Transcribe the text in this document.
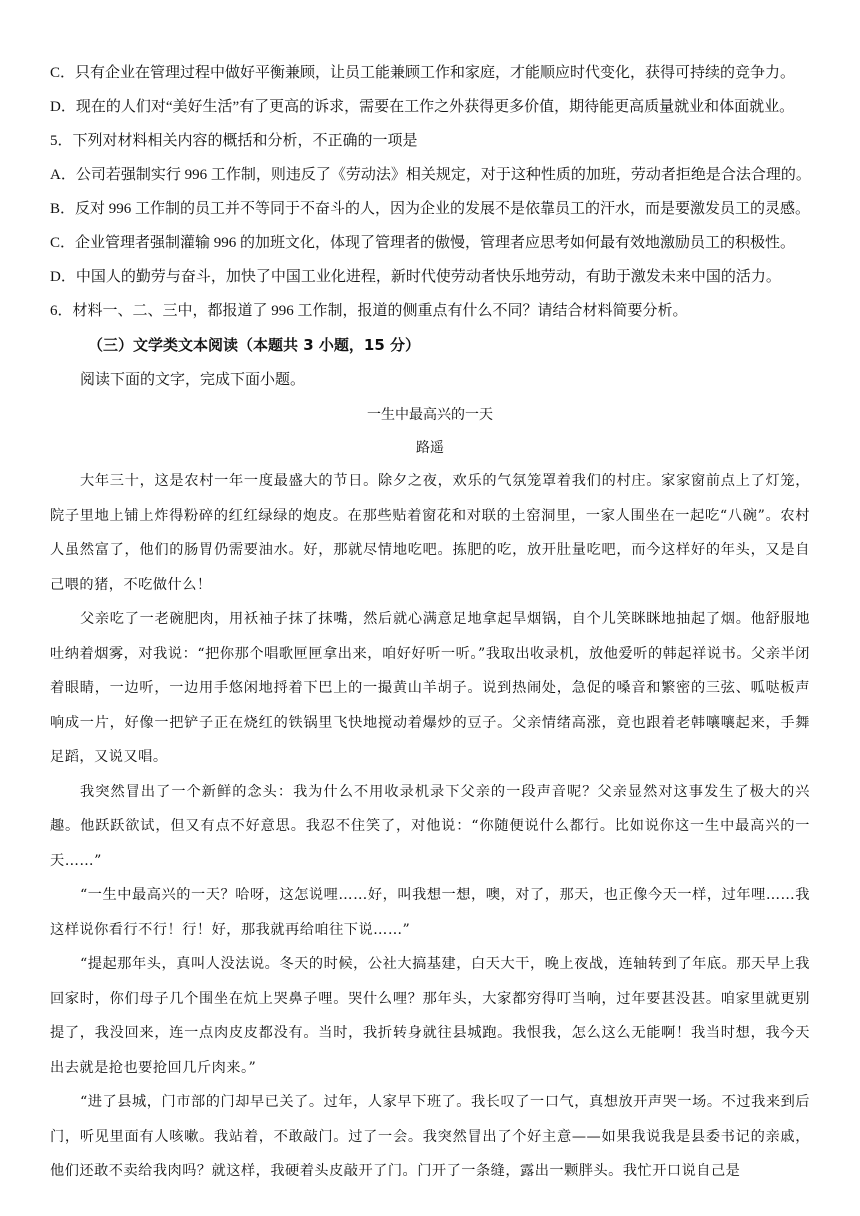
C．只有企业在管理过程中做好平衡兼顾，让员工能兼顾工作和家庭，才能顺应时代变化，获得可持续的竞争力。

D．现在的人们对“美好生活”有了更高的诉求，需要在工作之外获得更多价值，期待能更高质量就业和体面就业。

5．下列对材料相关内容的概括和分析，不正确的一项是

A．公司若强制实行 996 工作制，则违反了《劳动法》相关规定，对于这种性质的加班，劳动者拒绝是合法合理的。

B．反对 996 工作制的员工并不等同于不奋斗的人，因为企业的发展不是依靠员工的汗水，而是要激发员工的灵感。

C．企业管理者强制灌输 996 的加班文化，体现了管理者的傲慢，管理者应思考如何最有效地激励员工的积极性。

D．中国人的勤劳与奋斗，加快了中国工业化进程，新时代使劳动者快乐地劳动，有助于激发未来中国的活力。

6．材料一、二、三中，都报道了 996 工作制，报道的侧重点有什么不同？请结合材料简要分析。

（三）文学类文本阅读（本题共 3 小题，15 分）

阅读下面的文字，完成下面小题。

一生中最高兴的一天

路遥

大年三十，这是农村一年一度最盛大的节日。除夕之夜，欢乐的气氛笼罩着我们的村庄。家家窗前点上了灯笼，院子里地上铺上炸得粉碎的红红绿绿的炮皮。在那些贴着窗花和对联的土窑洞里，一家人围坐在一起吃“八碗”。农村人虽然富了，他们的肠胃仍需要油水。好，那就尽情地吃吧。拣肥的吃，放开肚量吃吧，而今这样好的年头，又是自己喂的猪，不吃做什么！

父亲吃了一老碗肥肉，用袄袖子抹了抹嘴，然后就心满意足地拿起旱烟锅，自个儿笑眯眯地抽起了烟。他舒服地吐纳着烟雾，对我说：“把你那个唱歌匣匣拿出来，咱好好听一听。”我取出收录机，放他爱听的韩起祥说书。父亲半闭着眼睛，一边听，一边用手悠闲地捋着下巴上的一撮黄山羊胡子。说到热闹处，急促的嗓音和繁密的三弦、呱哒板声响成一片，好像一把铲子正在烧红的铁锅里飞快地搅动着爆炒的豆子。父亲情绪高涨，竟也跟着老韩嚷嚷起来，手舞足蹈，又说又唱。

我突然冒出了一个新鲜的念头：我为什么不用收录机录下父亲的一段声音呢？父亲显然对这事发生了极大的兴趣。他跃跃欲试，但又有点不好意思。我忍不住笑了，对他说：“你随便说什么都行。比如说你这一生中最高兴的一天……”

“一生中最高兴的一天？哈呀，这怎说哩……好，叫我想一想，噢，对了，那天，也正像今天一样，过年哩……我这样说你看行不行！行！好，那我就再给咱往下说……”

“提起那年头，真叫人没法说。冬天的时候，公社大搞基建，白天大干，晚上夜战，连轴转到了年底。那天早上我回家时，你们母子几个围坐在炕上哭鼻子哩。哭什么哩？那年头，大家都穷得叮当响，过年要甚没甚。咱家里就更别提了，我没回来，连一点肉皮皮都没有。当时，我折转身就往县城跑。我恨我，怎么这么无能啊！我当时想，我今天出去就是抢也要抢回几斤肉来。”

“进了县城，门市部的门却早已关了。过年，人家早下班了。我长叹了一口气，真想放开声哭一场。不过我来到后门，听见里面有人咳嗽。我站着，不敢敲门。过了一会。我突然冒出了个好主意——如果我说我是县委书记的亲戚，他们还敢不卖给我肉吗？就这样，我硬着头皮敲开了门。门开了一条缝，露出一颗胖头。我忙开口说自己是
